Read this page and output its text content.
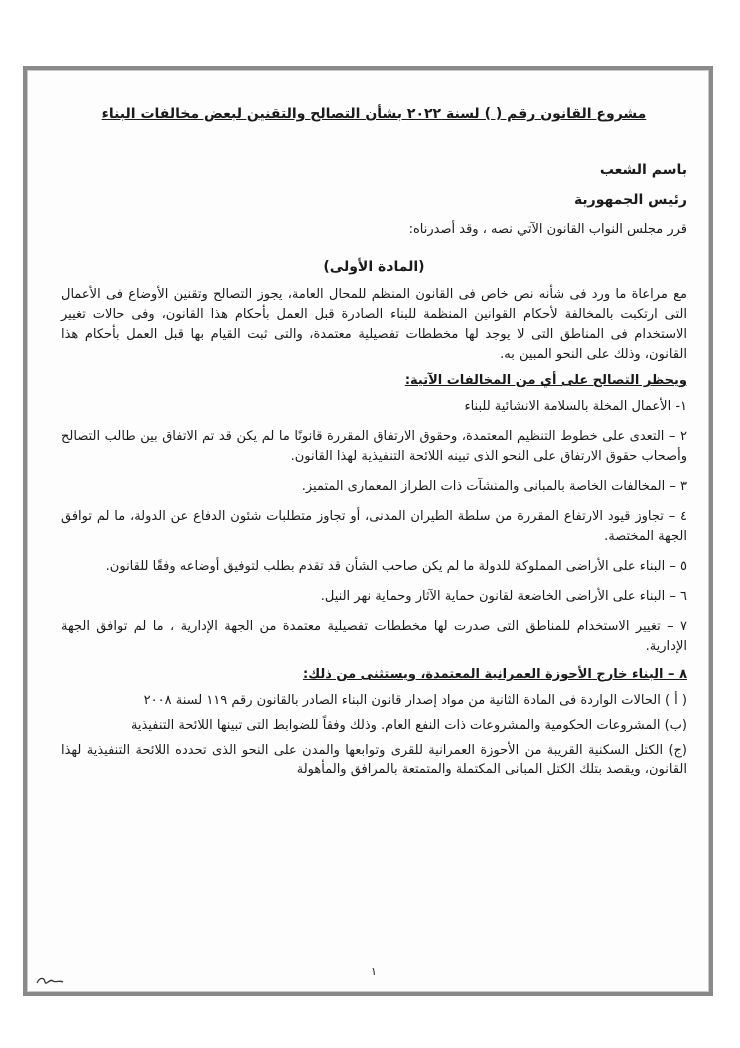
مشروع القانون رقم ( ) لسنة ٢٠٢٢ بشأن التصالح والتقنين لبعض مخالفات البناء
باسم الشعب
رئيس الجمهورية
قرر مجلس النواب القانون الآتي نصه ، وقد أصدرناه:
(المادة الأولى)
مع مراعاة ما ورد فى شأنه نص خاص فى القانون المنظم للمحال العامة، يجوز التصالح وتقنين الأوضاع فى الأعمال التى ارتكبت بالمخالفة لأحكام القوانين المنظمة للبناء الصادرة قبل العمل بأحكام هذا القانون، وفى حالات تغيير الاستخدام فى المناطق التى لا يوجد لها مخططات تفصيلية معتمدة، والتى ثبت القيام بها قبل العمل بأحكام هذا القانون، وذلك على النحو المبين به.
ويحظر التصالح على أي من المخالفات الآتية:
١- الأعمال المخلة بالسلامة الانشائية للبناء
٢ – التعدى على خطوط التنظيم المعتمدة، وحقوق الارتفاق المقررة قانونًا ما لم يكن قد تم الاتفاق بين طالب التصالح وأصحاب حقوق الارتفاق على النحو الذى تبينه اللائحة التنفيذية لهذا القانون.
٣ – المخالفات الخاصة بالمبانى والمنشآت ذات الطراز المعمارى المتميز.
٤ – تجاوز قيود الارتفاع المقررة من سلطة الطيران المدنى، أو تجاوز متطلبات شئون الدفاع عن الدولة، ما لم توافق الجهة المختصة.
٥ – البناء على الأراضى المملوكة للدولة ما لم يكن صاحب الشأن قد تقدم بطلب لتوفيق أوضاعه وفقًا للقانون.
٦ – البناء على الأراضى الخاضعة لقانون حماية الآثار وحماية نهر النيل.
٧ – تغيير الاستخدام للمناطق التى صدرت لها مخططات تفصيلية معتمدة من الجهة الإدارية ، ما لم توافق الجهة الإدارية.
٨ – البناء خارج الأحوزة العمرانية المعتمدة، ويستثنى من ذلك:
( أ ) الحالات الواردة فى المادة الثانية من مواد إصدار قانون البناء الصادر بالقانون رقم ١١٩ لسنة ٢٠٠٨
(ب) المشروعات الحكومية والمشروعات ذات النفع العام. وذلك وفقاً للضوابط التى تبينها اللائحة التنفيذية
(ج) الكتل السكنية القريبة من الأحوزة العمرانية للقرى وتوابعها والمدن على النحو الذى تحدده اللائحة التنفيذية لهذا القانون، ويقصد بتلك الكتل المبانى المكتملة والمتمتعة بالمرافق والمأهولة
١
